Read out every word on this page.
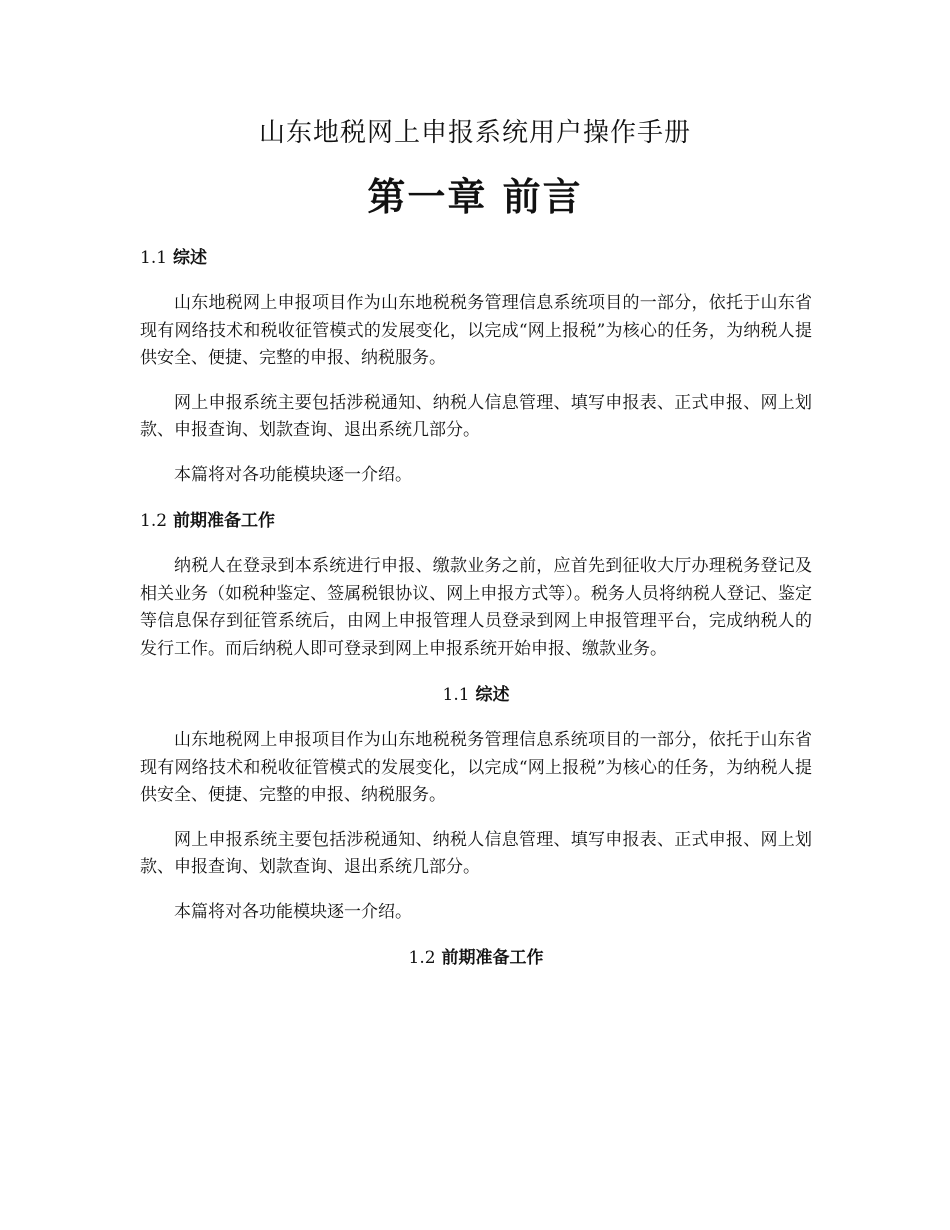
山东地税网上申报系统用户操作手册
第一章 前言
1.1 综述

山东地税网上申报项目作为山东地税税务管理信息系统项目的一部分，依托于山东省现有网络技术和税收征管模式的发展变化，以完成“网上报税”为核心的任务，为纳税人提供安全、便捷、完整的申报、纳税服务。

网上申报系统主要包括涉税通知、纳税人信息管理、填写申报表、正式申报、网上划款、申报查询、划款查询、退出系统几部分。

本篇将对各功能模块逐一介绍。

1.2 前期准备工作

纳税人在登录到本系统进行申报、缴款业务之前，应首先到征收大厅办理税务登记及相关业务（如税种鉴定、签属税银协议、网上申报方式等）。税务人员将纳税人登记、鉴定等信息保存到征管系统后，由网上申报管理人员登录到网上申报管理平台，完成纳税人的发行工作。而后纳税人即可登录到网上申报系统开始申报、缴款业务。

1.1 综述

山东地税网上申报项目作为山东地税税务管理信息系统项目的一部分，依托于山东省现有网络技术和税收征管模式的发展变化，以完成“网上报税”为核心的任务，为纳税人提供安全、便捷、完整的申报、纳税服务。

网上申报系统主要包括涉税通知、纳税人信息管理、填写申报表、正式申报、网上划款、申报查询、划款查询、退出系统几部分。

本篇将对各功能模块逐一介绍。

1.2 前期准备工作
